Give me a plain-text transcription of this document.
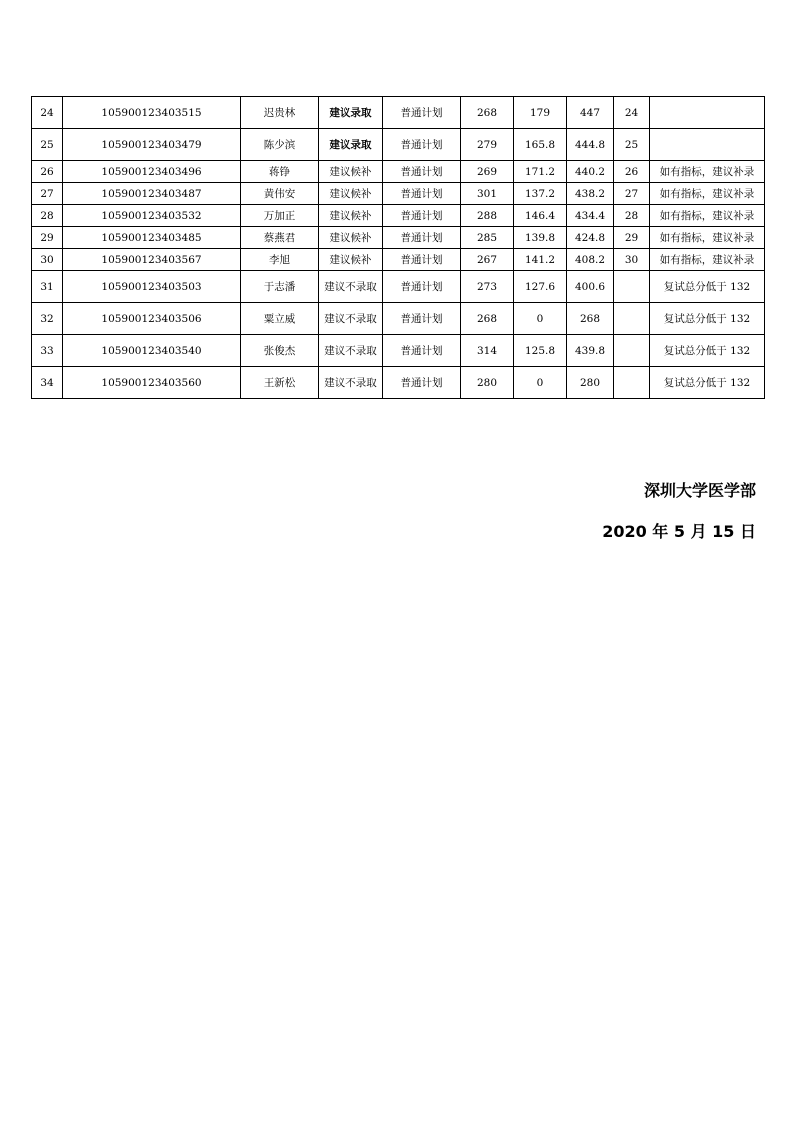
24	105900123403515	迟贵林	建议录取	普通计划	268	179	447	24	
25	105900123403479	陈少滨	建议录取	普通计划	279	165.8	444.8	25	
26	105900123403496	蒋铮	建议候补	普通计划	269	171.2	440.2	26	如有指标，建议补录
27	105900123403487	黄伟安	建议候补	普通计划	301	137.2	438.2	27	如有指标，建议补录
28	105900123403532	万加正	建议候补	普通计划	288	146.4	434.4	28	如有指标，建议补录
29	105900123403485	蔡燕君	建议候补	普通计划	285	139.8	424.8	29	如有指标，建议补录
30	105900123403567	李旭	建议候补	普通计划	267	141.2	408.2	30	如有指标，建议补录
31	105900123403503	于志潘	建议不录取	普通计划	273	127.6	400.6		复试总分低于 132
32	105900123403506	粟立威	建议不录取	普通计划	268	0	268		复试总分低于 132
33	105900123403540	张俊杰	建议不录取	普通计划	314	125.8	439.8		复试总分低于 132
34	105900123403560	王新松	建议不录取	普通计划	280	0	280		复试总分低于 132
深圳大学医学部
2020 年 5 月 15 日
